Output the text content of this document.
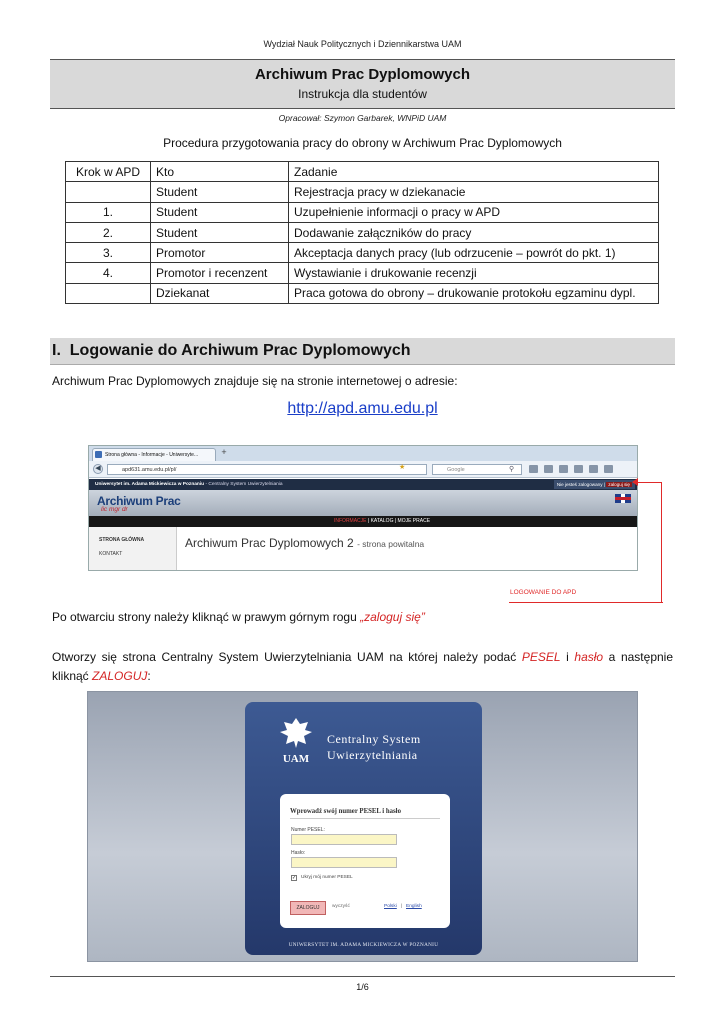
Wydział Nauk Politycznych i Dziennikarstwa UAM
Archiwum Prac Dyplomowych
Instrukcja dla studentów
Opracował: Szymon Garbarek, WNPiD UAM
Procedura przygotowania pracy do obrony w Archiwum Prac Dyplomowych
Krok w APD	Kto	Zadanie
	Student	Rejestracja pracy w dziekanacie
1.	Student	Uzupełnienie informacji o pracy w APD
2.	Student	Dodawanie załączników do pracy
3.	Promotor	Akceptacja danych pracy (lub odrzucenie – powrót do pkt. 1)
4.	Promotor i recenzent	Wystawianie i drukowanie recenzji
	Dziekanat	Praca gotowa do obrony – drukowanie protokołu egzaminu dypl.
I. Logowanie do Archiwum Prac Dyplomowych
Archiwum Prac Dyplomowych znajduje się na stronie internetowej o adresie:
http://apd.amu.edu.pl
Strona główna - Informacje - Uniwersyte...	+
◀	apd631.amu.edu.pl/pl/	★	Google	⚲
Uniwersytet im. Adama Mickiewicza w Poznaniu - Centralny System Uwierzytelniania	Nie jesteś zalogowany | zaloguj się
Archiwum Prac
lic mgr dr
INFORMACJE | KATALOG | MOJE PRACE
STRONA GŁÓWNA
KONTAKT
Archiwum Prac Dyplomowych 2 - strona powitalna
LOGOWANIE DO APD
Po otwarciu strony należy kliknąć w prawym górnym rogu „zaloguj się”
Otworzy się strona Centralny System Uwierzytelniania UAM na której należy podać PESEL i hasło a następnie kliknąć ZALOGUJ:
UAM
Centralny System
Uwierzytelniania
Wprowadź swój numer PESEL i hasło
Numer PESEL:
Hasło:
✓ Ukryj mój numer PESEL
ZALOGUJ	wyczyść	Polski | English
UNIWERSYTET IM. ADAMA MICKIEWICZA W POZNANIU
1/6
